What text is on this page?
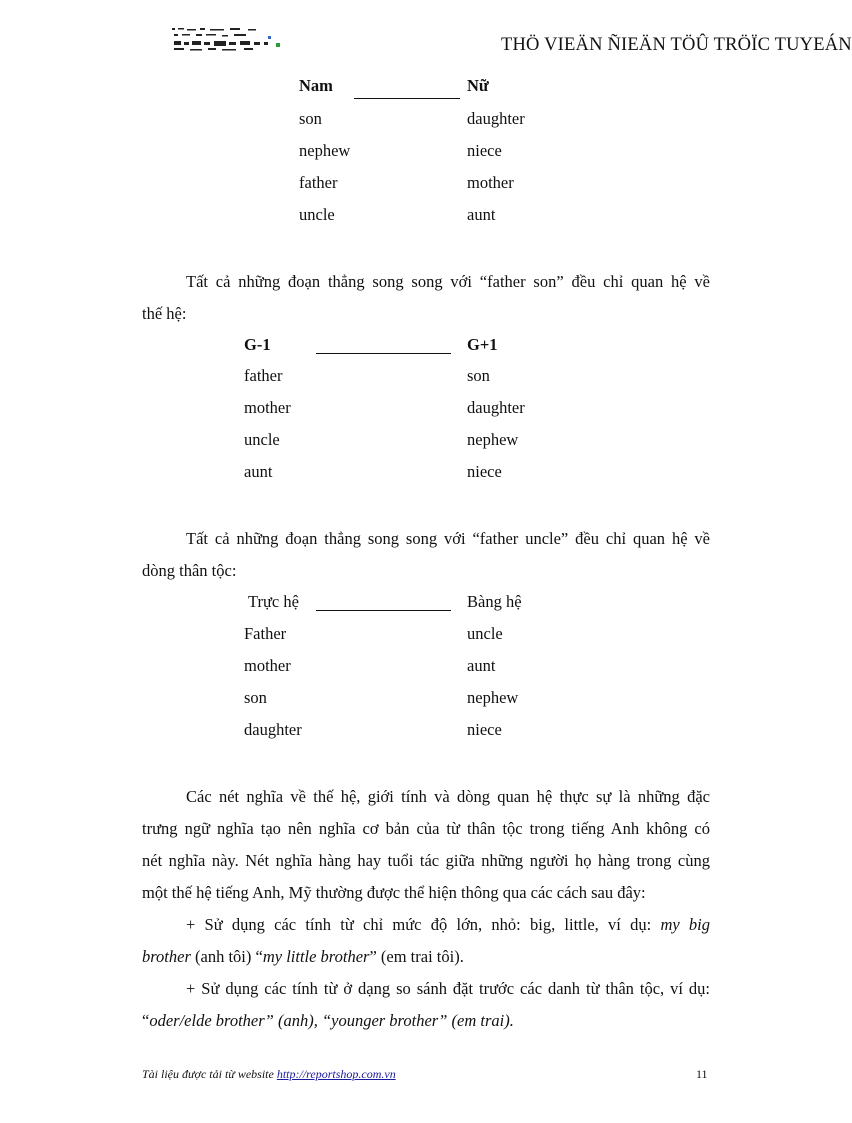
THÖ VIEÄN ÑIEÄN TÖÛ TRÖÏC TUYEÁN
Nam	Nữ
son	daughter
nephew	niece
father	mother
uncle	aunt
Tất cả những đoạn thẳng song song với “father son” đều chỉ quan hệ về
thế hệ:
G-1	G+1
father	son
mother	daughter
uncle	nephew
aunt	niece
Tất cả những đoạn thẳng song song với “father uncle” đều chỉ quan hệ về
dòng thân tộc:
Trực hệ	Bàng hệ
Father	uncle
mother	aunt
son	nephew
daughter	niece
Các nét nghĩa về thế hệ, giới tính và dòng quan hệ thực sự là những đặc
trưng ngữ nghĩa tạo nên nghĩa cơ bản của từ thân tộc trong tiếng Anh không có
nét nghĩa này. Nét nghĩa hàng hay tuổi tác giữa những người họ hàng trong cùng
một thế hệ tiếng Anh, Mỹ thường được thể hiện thông qua các cách sau đây:
+ Sử dụng các tính từ chỉ mức độ lớn, nhỏ: big, little, ví dụ: my big
brother (anh tôi) “my little brother” (em trai tôi).
+ Sử dụng các tính từ ở dạng so sánh đặt trước các danh từ thân tộc, ví dụ:
“oder/elde brother” (anh), “younger brother” (em trai).
Tài liệu được tải từ website http://reportshop.com.vn	11
